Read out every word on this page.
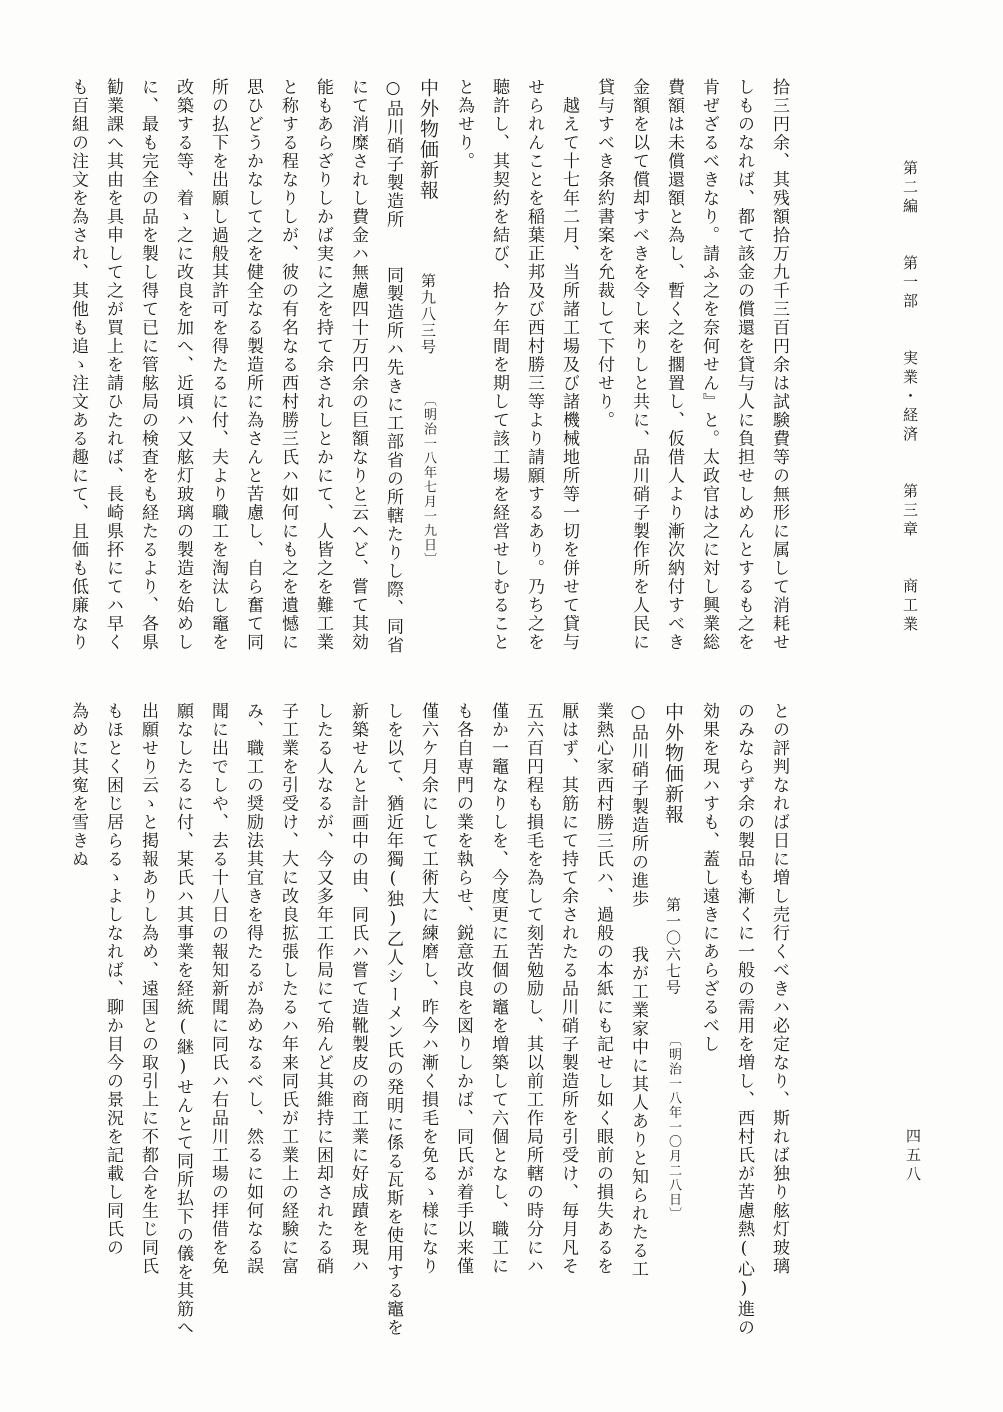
第二編 第一部 実業・経済 第三章 商工業
四五八
拾三円余、其残額拾万九千三百円余は試験費等の無形に属して消耗せ
しものなれば、都て該金の償還を貸与人に負担せしめんとするも之を
肯ぜざるべきなり。請ふ之を奈何せん』と。太政官は之に対し興業総
費額は未償還額と為し、暫く之を擱置し、仮借人より漸次納付すべき
金額を以て償却すべきを令し来りしと共に、品川硝子製作所を人民に
貸与すべき条約書案を允裁して下付せり。
　越えて十七年二月、当所諸工場及び諸機械地所等一切を併せて貸与
せられんことを稲葉正邦及び西村勝三等より請願するあり。乃ち之を
聴許し、其契約を結び、拾ケ年間を期して該工場を経営せしむること
と為せり。
中外物価新報 第九八三号 〔明治一八年七月一九日〕
○品川硝子製造所　　同製造所ハ先きに工部省の所轄たりし際、同省
にて消糜されし費金ハ無慮四十万円余の巨額なりと云へど、嘗て其効
能もあらざりしかば実に之を持て余されしとかにて、人皆之を難工業
と称する程なりしが、彼の有名なる西村勝三氏ハ如何にも之を遺憾に
思ひどうかなして之を健全なる製造所に為さんと苦慮し、自ら奮て同
所の払下を出願し過般其許可を得たるに付、夫より職工を淘汰し竈を
改築する等、着ゝ之に改良を加へ、近頃ハ又舷灯玻璃の製造を始めし
に、最も完全の品を製し得て已に管舷局の検査をも経たるより、各県
勧業課へ其由を具申して之が買上を請ひたれば、長崎県抔にてハ早く
も百組の注文を為され、其他も追ゝ注文ある趣にて、且価も低廉なり
との評判なれば日に増し売行くべきハ必定なり、斯れば独り舷灯玻璃
のみならず余の製品も漸くに一般の需用を増し、西村氏が苦慮熱(心)進の
効果を現ハすも、蓋し遠きにあらざるべし
中外物価新報 第一〇六七号 〔明治一八年一〇月二八日〕
○品川硝子製造所の進歩　　我が工業家中に其人ありと知られたる工
業熱心家西村勝三氏ハ、過般の本紙にも記せし如く眼前の損失あるを
厭はず、其筋にて持て余されたる品川硝子製造所を引受け、毎月凡そ
五六百円程も損毛を為して刻苦勉励し、其以前工作局所轄の時分にハ
僅か一竈なりしを、今度更に五個の竈を増築して六個となし、職工に
も各自専門の業を執らせ、鋭意改良を図りしかば、同氏が着手以来僅
僅六ケ月余にして工術大に練磨し、昨今ハ漸く損毛を免るゝ様になり
しを以て、猶近年獨(独)乙人シーメン氏の発明に係る瓦斯を使用する竈を
新築せんと計画中の由、同氏ハ嘗て造靴製皮の商工業に好成蹟を現ハ
したる人なるが、今又多年工作局にて殆んど其維持に困却されたる硝
子工業を引受け、大に改良拡張したるハ年来同氏が工業上の経験に富
み、職工の奨励法其宜きを得たるが為めなるべし、然るに如何なる誤
聞に出でしや、去る十八日の報知新聞に同氏ハ右品川工場の拝借を免
願なしたるに付、某氏ハ其事業を経統(継)せんとて同所払下の儀を其筋へ
出願せり云ゝと掲報ありし為め、遠国との取引上に不都合を生じ同氏
もほとく困じ居らるゝよしなれば、聊か目今の景況を記載し同氏の
為めに其寃を雪きぬ
